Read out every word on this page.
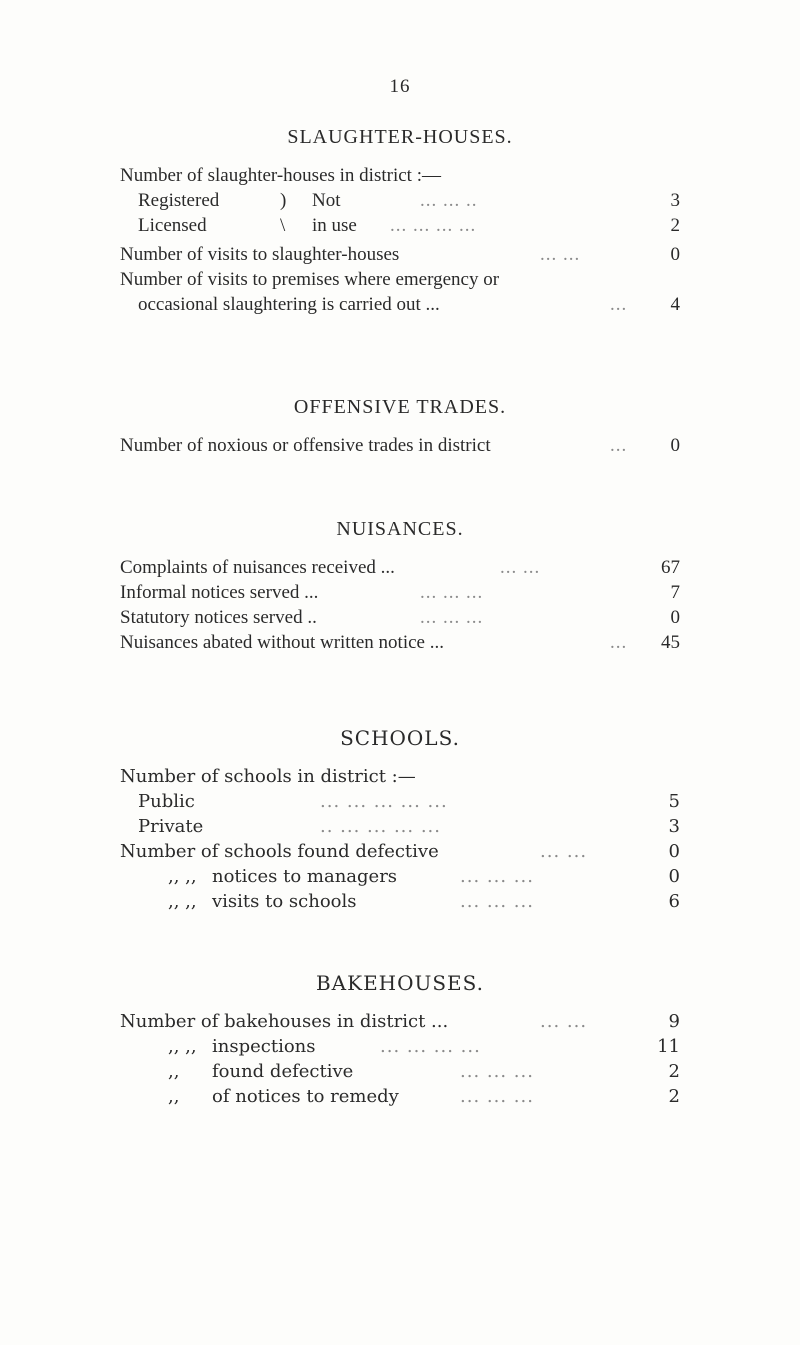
16
SLAUGHTER-HOUSES.
Number of slaughter-houses in district :—
Registered	) Not	... ... ..	3
Licensed	\ in use ... ... ... ...	2
Number of visits to slaughter-houses	... ...	0
Number of visits to premises where emergency or
occasional slaughtering is carried out ...	...	4
OFFENSIVE TRADES.
Number of noxious or offensive trades in district	...	0
NUISANCES.
Complaints of nuisances received ...	... ...	67
Informal notices served ...	... ... ...	7
Statutory notices served ..	... ... ...	0
Nuisances abated without written notice ...	...	45
SCHOOLS.
Number of schools in district :—
Public	... ... ... ... ...	5
Private	.. ... ... ... ...	3
Number of schools found defective	... ...	0
,, ,, notices to managers	... ... ...	0
,, ,, visits to schools	... ... ...	6
BAKEHOUSES.
Number of bakehouses in district ...	... ...	9
,, ,, inspections	... ... ... ...	11
,, found defective	... ... ...	2
,, of notices to remedy	... ... ...	2
